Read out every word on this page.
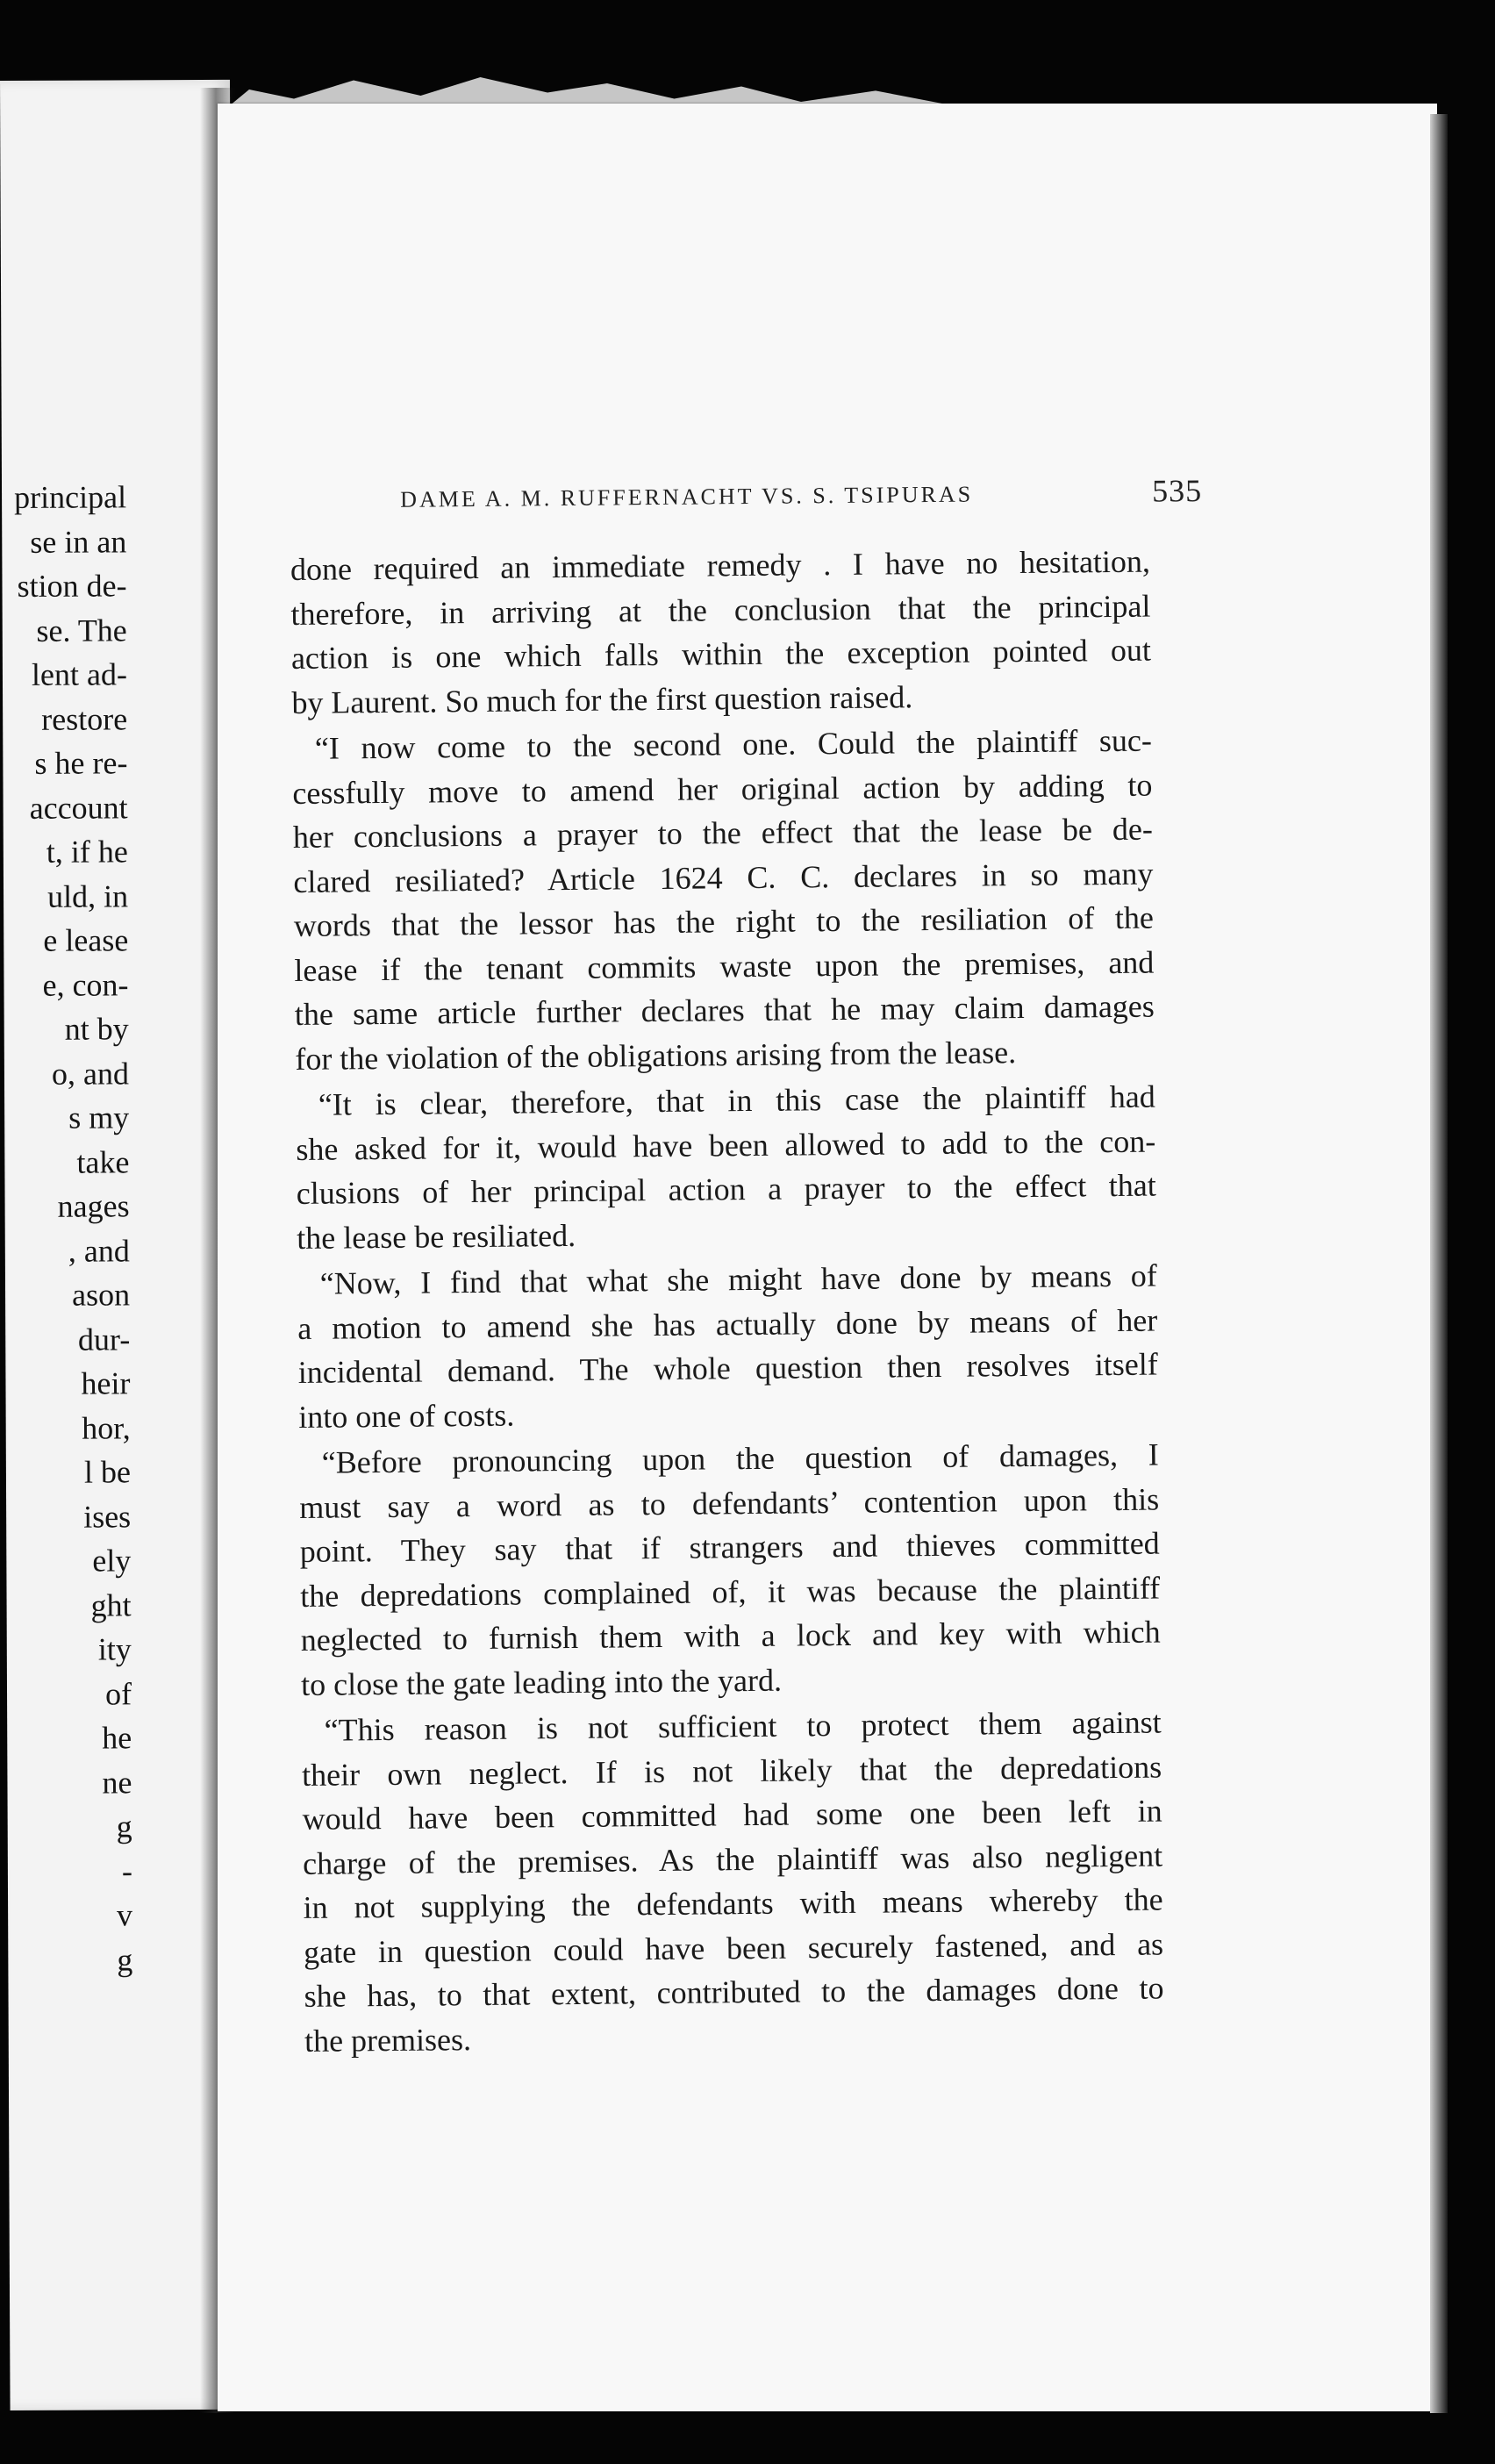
principal
se in an
stion de-
se. The
lent ad-
restore
s he re-
account
t, if he
uld, in
e lease
e, con-
nt by
o, and
s my
take
nages
, and
ason
dur-
heir
hor,
l be
ises
ely
ght
ity
of
he
ne
g
-
v
g
DAME A. M. RUFFERNACHT VS. S. TSIPURAS	535
done required an immediate remedy . I have no hesitation,
therefore, in arriving at the conclusion that the principal
action is one which falls within the exception pointed out
by Laurent. So much for the first question raised.
“I now come to the second one. Could the plaintiff suc-
cessfully move to amend her original action by adding to
her conclusions a prayer to the effect that the lease be de-
clared resiliated? Article 1624 C. C. declares in so many
words that the lessor has the right to the resiliation of the
lease if the tenant commits waste upon the premises, and
the same article further declares that he may claim damages
for the violation of the obligations arising from the lease.
“It is clear, therefore, that in this case the plaintiff had
she asked for it, would have been allowed to add to the con-
clusions of her principal action a prayer to the effect that
the lease be resiliated.
“Now, I find that what she might have done by means of
a motion to amend she has actually done by means of her
incidental demand. The whole question then resolves itself
into one of costs.
“Before pronouncing upon the question of damages, I
must say a word as to defendants’ contention upon this
point. They say that if strangers and thieves committed
the depredations complained of, it was because the plaintiff
neglected to furnish them with a lock and key with which
to close the gate leading into the yard.
“This reason is not sufficient to protect them against
their own neglect. If is not likely that the depredations
would have been committed had some one been left in
charge of the premises. As the plaintiff was also negligent
in not supplying the defendants with means whereby the
gate in question could have been securely fastened, and as
she has, to that extent, contributed to the damages done to
the premises.
